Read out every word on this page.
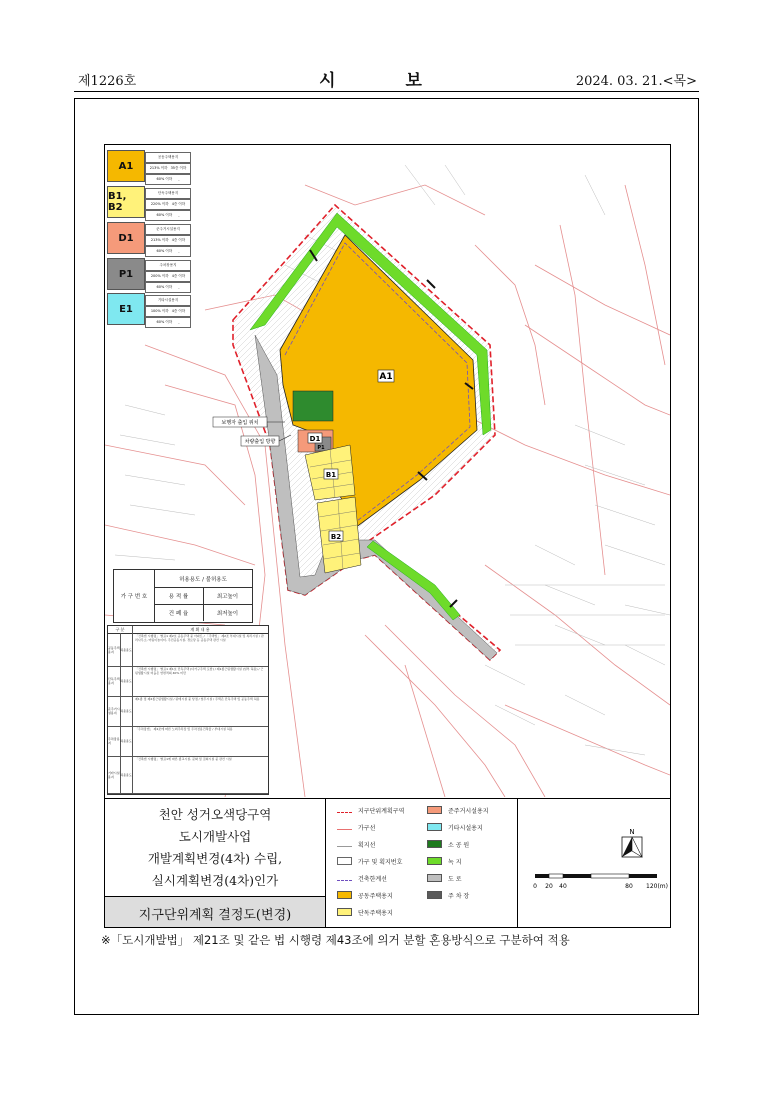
제1226호	시 보	2024. 03. 21.<목>
A1
D1
B1
B2
P1
보행자 출입 위치
차량출입 방향
A1
공동주택용지
213% 이하 35층 이하
60% 이하 -
B1, B2
단독주택용지
220% 이하 4층 이하
60% 이하 -
D1
준주거시설용지
213% 이하 4층 이하
60% 이하 -
P1
주차장용지
200% 이하 4층 이하
60% 이하 -
E1
기타시설용지
100% 이하 4층 이하
60% 이하 -
가 구 번 호
허용용도 / 불허용도
용 적 률	최고높이
건 폐 율	최저높이
구 분	계 획 내 용
공동주택용지	허용용도
「건축법 시행령」 별표1 제2호 공동주택 중 아파트 / 「주택법」 제2조 부대시설 및 복리시설 / 관리사무소, 어린이놀이터, 주민공동시설, 경로당 등 공동주택 관련 시설
단독주택용지	허용용도
「건축법 시행령」 별표1 제1호 단독주택 (다가구주택 포함) / 제1종근린생활시설 (일부 허용) / 근린생활시설 비율은 연면적의 40% 미만
준주거시설용지	허용용도
제1종 및 제2종근린생활시설 / 판매시설 중 상점 / 업무시설 / 주택은 단독주택 및 공동주택 허용
주차장용지	허용용도
「주차장법」 제2조에 따른 노외주차장 및 주차전용건축물 / 부대시설 허용
기타시설용지	허용용도
「건축법 시행령」 별표1에 따른 종교시설, 문화 및 집회시설 중 관련 시설
천안 성거오색당구역
도시개발사업
개발계획변경(4차) 수립,
실시계획변경(4차)인가
지구단위계획 결정도(변경)
지구단위계획구역	준주거시설용지
가구선	기타시설용지
획지선	소 공 원
가구 및 획지번호	녹 지
건축한계선	도 로
공동주택용지	주 차 장
단독주택용지
N
0 20 40	80 120(m)
※「도시개발법」 제21조 및 같은 법 시행령 제43조에 의거 분할 혼용방식으로 구분하여 적용
